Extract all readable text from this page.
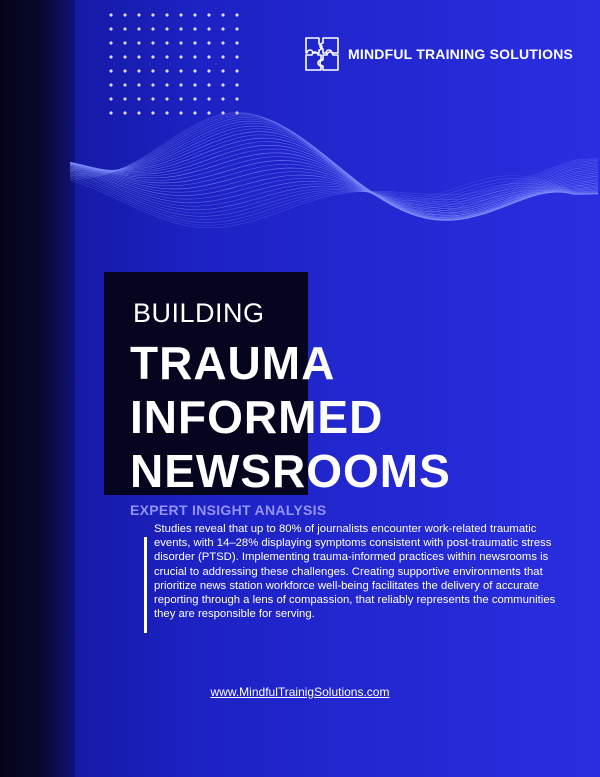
MINDFUL TRAINING SOLUTIONS
BUILDING
TRAUMA
INFORMED
NEWSROOMS
EXPERT INSIGHT ANALYSIS
Studies reveal that up to 80% of journalists encounter work-related traumatic events, with 14–28% displaying symptoms consistent with post-traumatic stress disorder (PTSD). Implementing trauma-informed practices within newsrooms is crucial to addressing these challenges. Creating supportive environments that prioritize news station workforce well-being facilitates the delivery of accurate reporting through a lens of compassion, that reliably represents the communities they are responsible for serving.
www.MindfulTrainigSolutions.com
